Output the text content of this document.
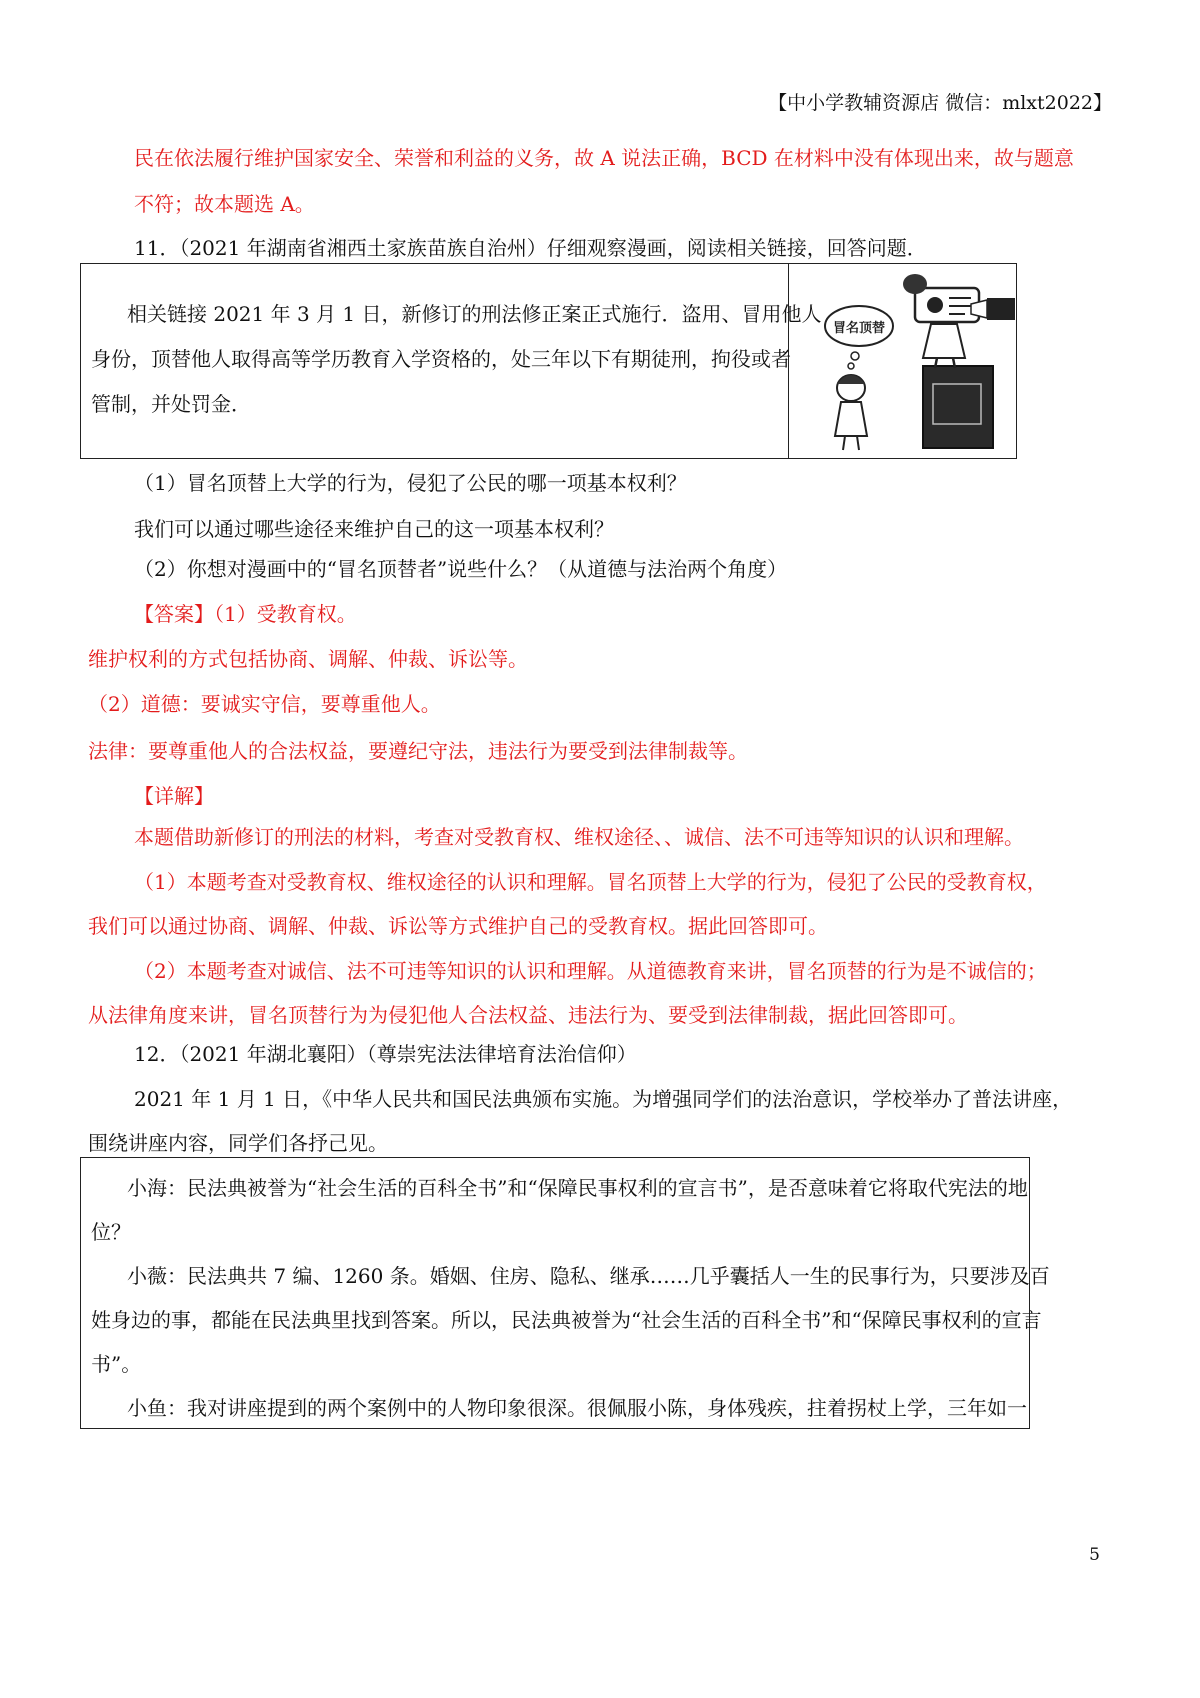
【中小学教辅资源店 微信：mlxt2022】
民在依法履行维护国家安全、荣誉和利益的义务，故 A 说法正确，BCD 在材料中没有体现出来，故与题意
不符；故本题选 A。
11．（2021 年湖南省湘西土家族苗族自治州）仔细观察漫画，阅读相关链接，回答问题．
相关链接 2021 年 3 月 1 日，新修订的刑法修正案正式施行．盗用、冒用他人
身份，顶替他人取得高等学历教育入学资格的，处三年以下有期徒刑，拘役或者
管制，并处罚金．
冒名顶替
（1）冒名顶替上大学的行为，侵犯了公民的哪一项基本权利？
我们可以通过哪些途径来维护自己的这一项基本权利？
（2）你想对漫画中的“冒名顶替者”说些什么？（从道德与法治两个角度）
【答案】（1）受教育权。
维护权利的方式包括协商、调解、仲裁、诉讼等。
（2）道德：要诚实守信，要尊重他人。
法律：要尊重他人的合法权益，要遵纪守法，违法行为要受到法律制裁等。
【详解】
本题借助新修订的刑法的材料，考查对受教育权、维权途径、、诚信、法不可违等知识的认识和理解。
（1）本题考查对受教育权、维权途径的认识和理解。冒名顶替上大学的行为，侵犯了公民的受教育权，
我们可以通过协商、调解、仲裁、诉讼等方式维护自己的受教育权。据此回答即可。
（2）本题考查对诚信、法不可违等知识的认识和理解。从道德教育来讲，冒名顶替的行为是不诚信的；
从法律角度来讲，冒名顶替行为为侵犯他人合法权益、违法行为、要受到法律制裁，据此回答即可。
12．（2021 年湖北襄阳）（尊崇宪法法律培育法治信仰）
2021 年 1 月 1 日，《中华人民共和国民法典颁布实施。为增强同学们的法治意识，学校举办了普法讲座，
围绕讲座内容，同学们各抒己见。
小海：民法典被誉为“社会生活的百科全书”和“保障民事权利的宣言书”，是否意味着它将取代宪法的地
位？
小薇：民法典共 7 编、1260 条。婚姻、住房、隐私、继承……几乎囊括人一生的民事行为，只要涉及百
姓身边的事，都能在民法典里找到答案。所以，民法典被誉为“社会生活的百科全书”和“保障民事权利的宣言
书”。
小鱼：我对讲座提到的两个案例中的人物印象很深。很佩服小陈，身体残疾，拄着拐杖上学，三年如一
5
